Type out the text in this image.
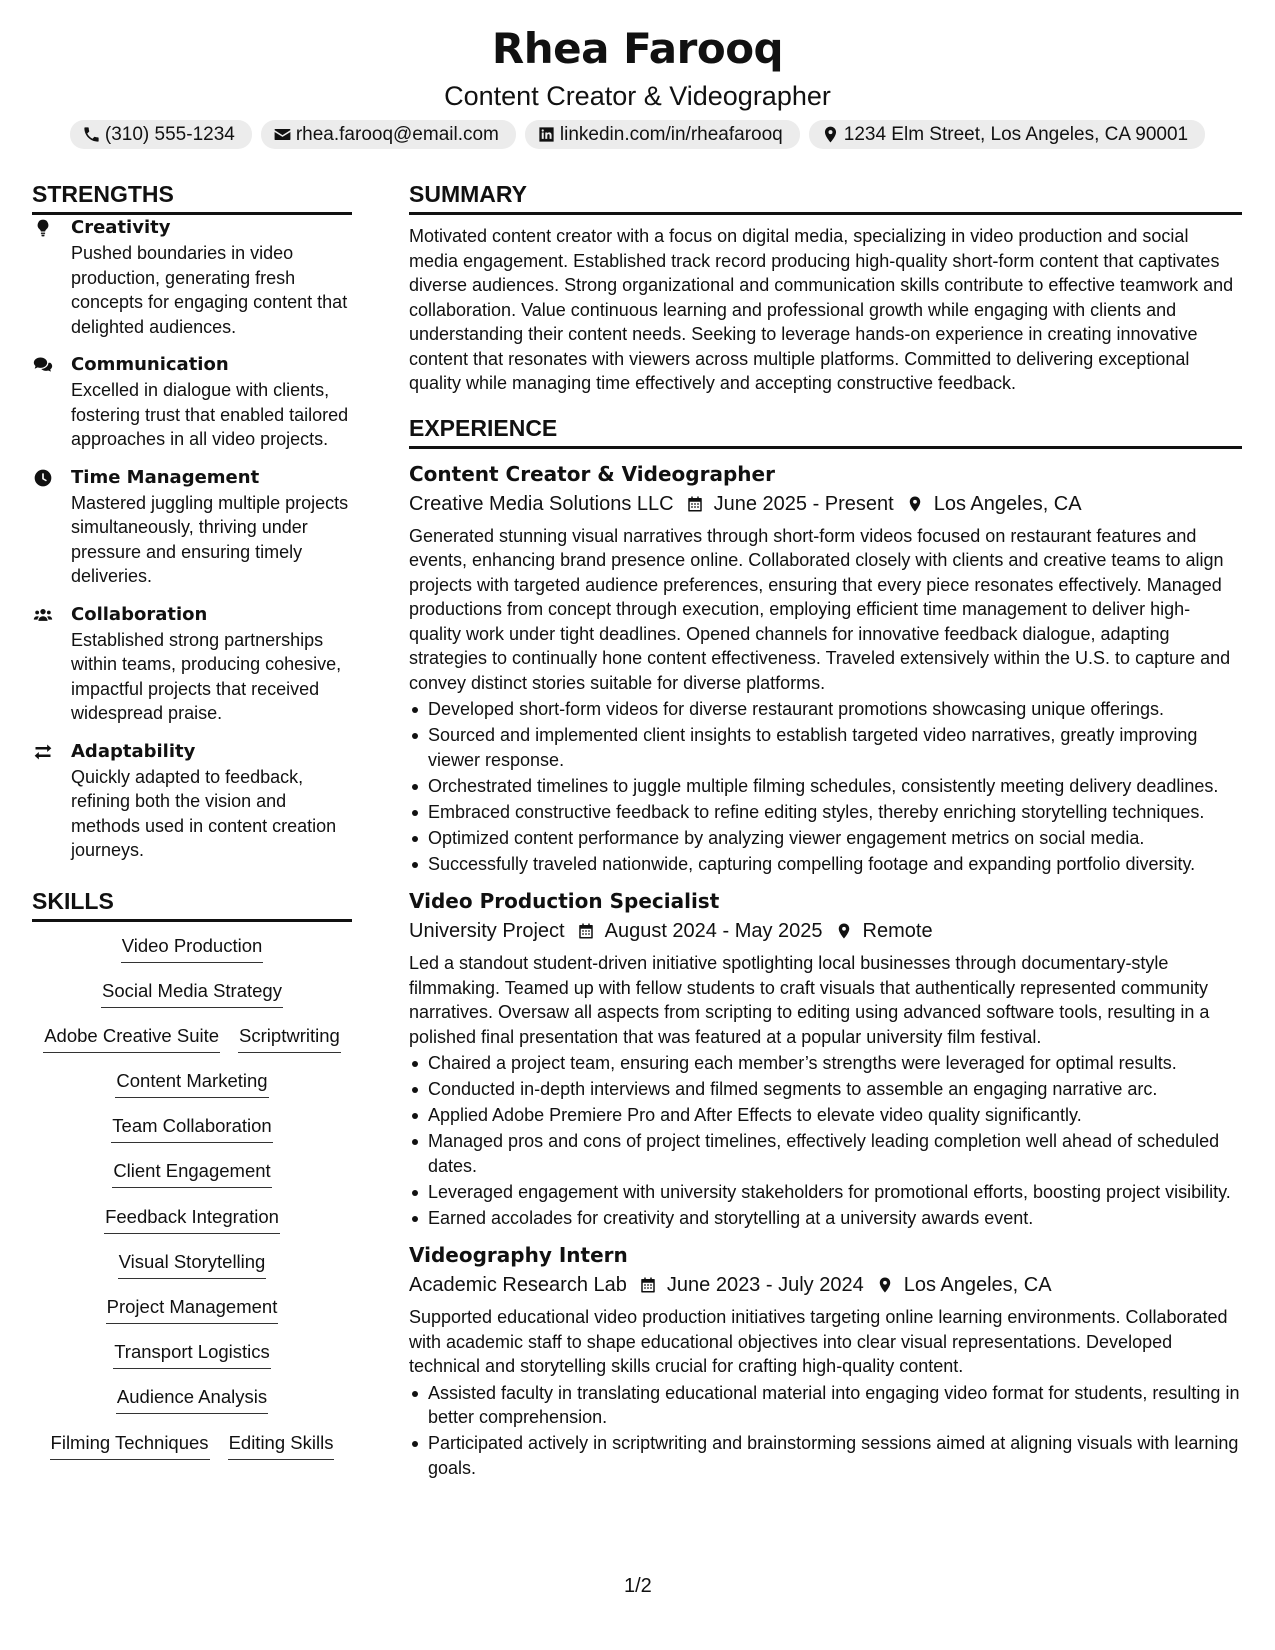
Rhea Farooq
Content Creator & Videographer
(310) 555-1234	rhea.farooq@email.com	linkedin.com/in/rheafarooq	1234 Elm Street, Los Angeles, CA 90001
STRENGTHS
Creativity
Pushed boundaries in video production, generating fresh concepts for engaging content that delighted audiences.
Communication
Excelled in dialogue with clients, fostering trust that enabled tailored approaches in all video projects.
Time Management
Mastered juggling multiple projects simultaneously, thriving under pressure and ensuring timely deliveries.
Collaboration
Established strong partnerships within teams, producing cohesive, impactful projects that received widespread praise.
Adaptability
Quickly adapted to feedback, refining both the vision and methods used in content creation journeys.
SKILLS
Video Production
Social Media Strategy
Adobe Creative Suite Scriptwriting
Content Marketing
Team Collaboration
Client Engagement
Feedback Integration
Visual Storytelling
Project Management
Transport Logistics
Audience Analysis
Filming Techniques Editing Skills
SUMMARY
Motivated content creator with a focus on digital media, specializing in video production and social media engagement. Established track record producing high-quality short-form content that captivates diverse audiences. Strong organizational and communication skills contribute to effective teamwork and collaboration. Value continuous learning and professional growth while engaging with clients and understanding their content needs. Seeking to leverage hands-on experience in creating innovative content that resonates with viewers across multiple platforms. Committed to delivering exceptional quality while managing time effectively and accepting constructive feedback.
EXPERIENCE
Content Creator & Videographer
Creative Media Solutions LLC June 2025 - Present Los Angeles, CA
Generated stunning visual narratives through short-form videos focused on restaurant features and events, enhancing brand presence online. Collaborated closely with clients and creative teams to align projects with targeted audience preferences, ensuring that every piece resonates effectively. Managed productions from concept through execution, employing efficient time management to deliver high-quality work under tight deadlines. Opened channels for innovative feedback dialogue, adapting strategies to continually hone content effectiveness. Traveled extensively within the U.S. to capture and convey distinct stories suitable for diverse platforms.
Developed short-form videos for diverse restaurant promotions showcasing unique offerings.
Sourced and implemented client insights to establish targeted video narratives, greatly improving viewer response.
Orchestrated timelines to juggle multiple filming schedules, consistently meeting delivery deadlines.
Embraced constructive feedback to refine editing styles, thereby enriching storytelling techniques.
Optimized content performance by analyzing viewer engagement metrics on social media.
Successfully traveled nationwide, capturing compelling footage and expanding portfolio diversity.
Video Production Specialist
University Project August 2024 - May 2025 Remote
Led a standout student-driven initiative spotlighting local businesses through documentary-style filmmaking. Teamed up with fellow students to craft visuals that authentically represented community narratives. Oversaw all aspects from scripting to editing using advanced software tools, resulting in a polished final presentation that was featured at a popular university film festival.
Chaired a project team, ensuring each member’s strengths were leveraged for optimal results.
Conducted in-depth interviews and filmed segments to assemble an engaging narrative arc.
Applied Adobe Premiere Pro and After Effects to elevate video quality significantly.
Managed pros and cons of project timelines, effectively leading completion well ahead of scheduled dates.
Leveraged engagement with university stakeholders for promotional efforts, boosting project visibility.
Earned accolades for creativity and storytelling at a university awards event.
Videography Intern
Academic Research Lab June 2023 - July 2024 Los Angeles, CA
Supported educational video production initiatives targeting online learning environments. Collaborated with academic staff to shape educational objectives into clear visual representations. Developed technical and storytelling skills crucial for crafting high-quality content.
Assisted faculty in translating educational material into engaging video format for students, resulting in better comprehension.
Participated actively in scriptwriting and brainstorming sessions aimed at aligning visuals with learning goals.
1/2
